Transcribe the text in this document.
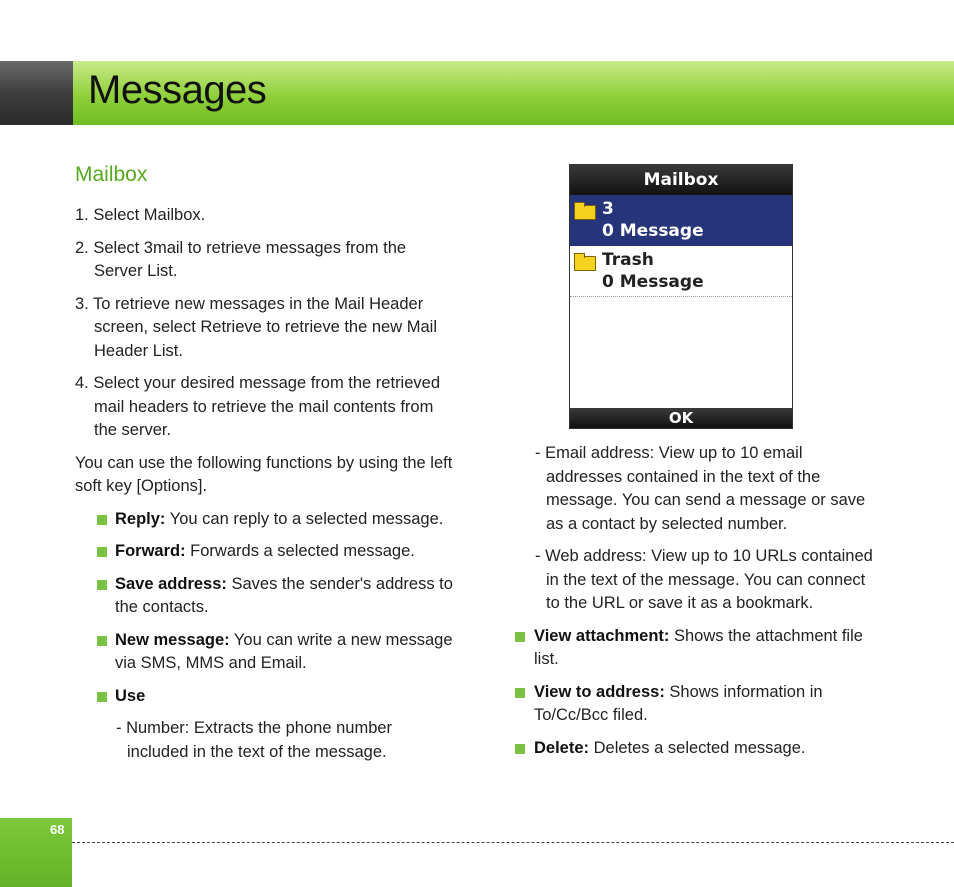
Messages
Mailbox
1. Select Mailbox.
2. Select 3mail to retrieve messages from the Server List.
3. To retrieve new messages in the Mail Header screen, select Retrieve to retrieve the new Mail Header List.
4. Select your desired message from the retrieved mail headers to retrieve the mail contents from the server.
You can use the following functions by using the left soft key [Options].
Reply: You can reply to a selected message.
Forward: Forwards a selected message.
Save address: Saves the sender's address to the contacts.
New message: You can write a new message via SMS, MMS and Email.
Use
- Number: Extracts the phone number included in the text of the message.
Mailbox
3
0 Message
Trash
0 Message
OK
- Email address: View up to 10 email addresses contained in the text of the message. You can send a message or save as a contact by selected number.
- Web address: View up to 10 URLs contained in the text of the message. You can connect to the URL or save it as a bookmark.
View attachment: Shows the attachment file list.
View to address: Shows information in To/Cc/Bcc filed.
Delete: Deletes a selected message.
68
